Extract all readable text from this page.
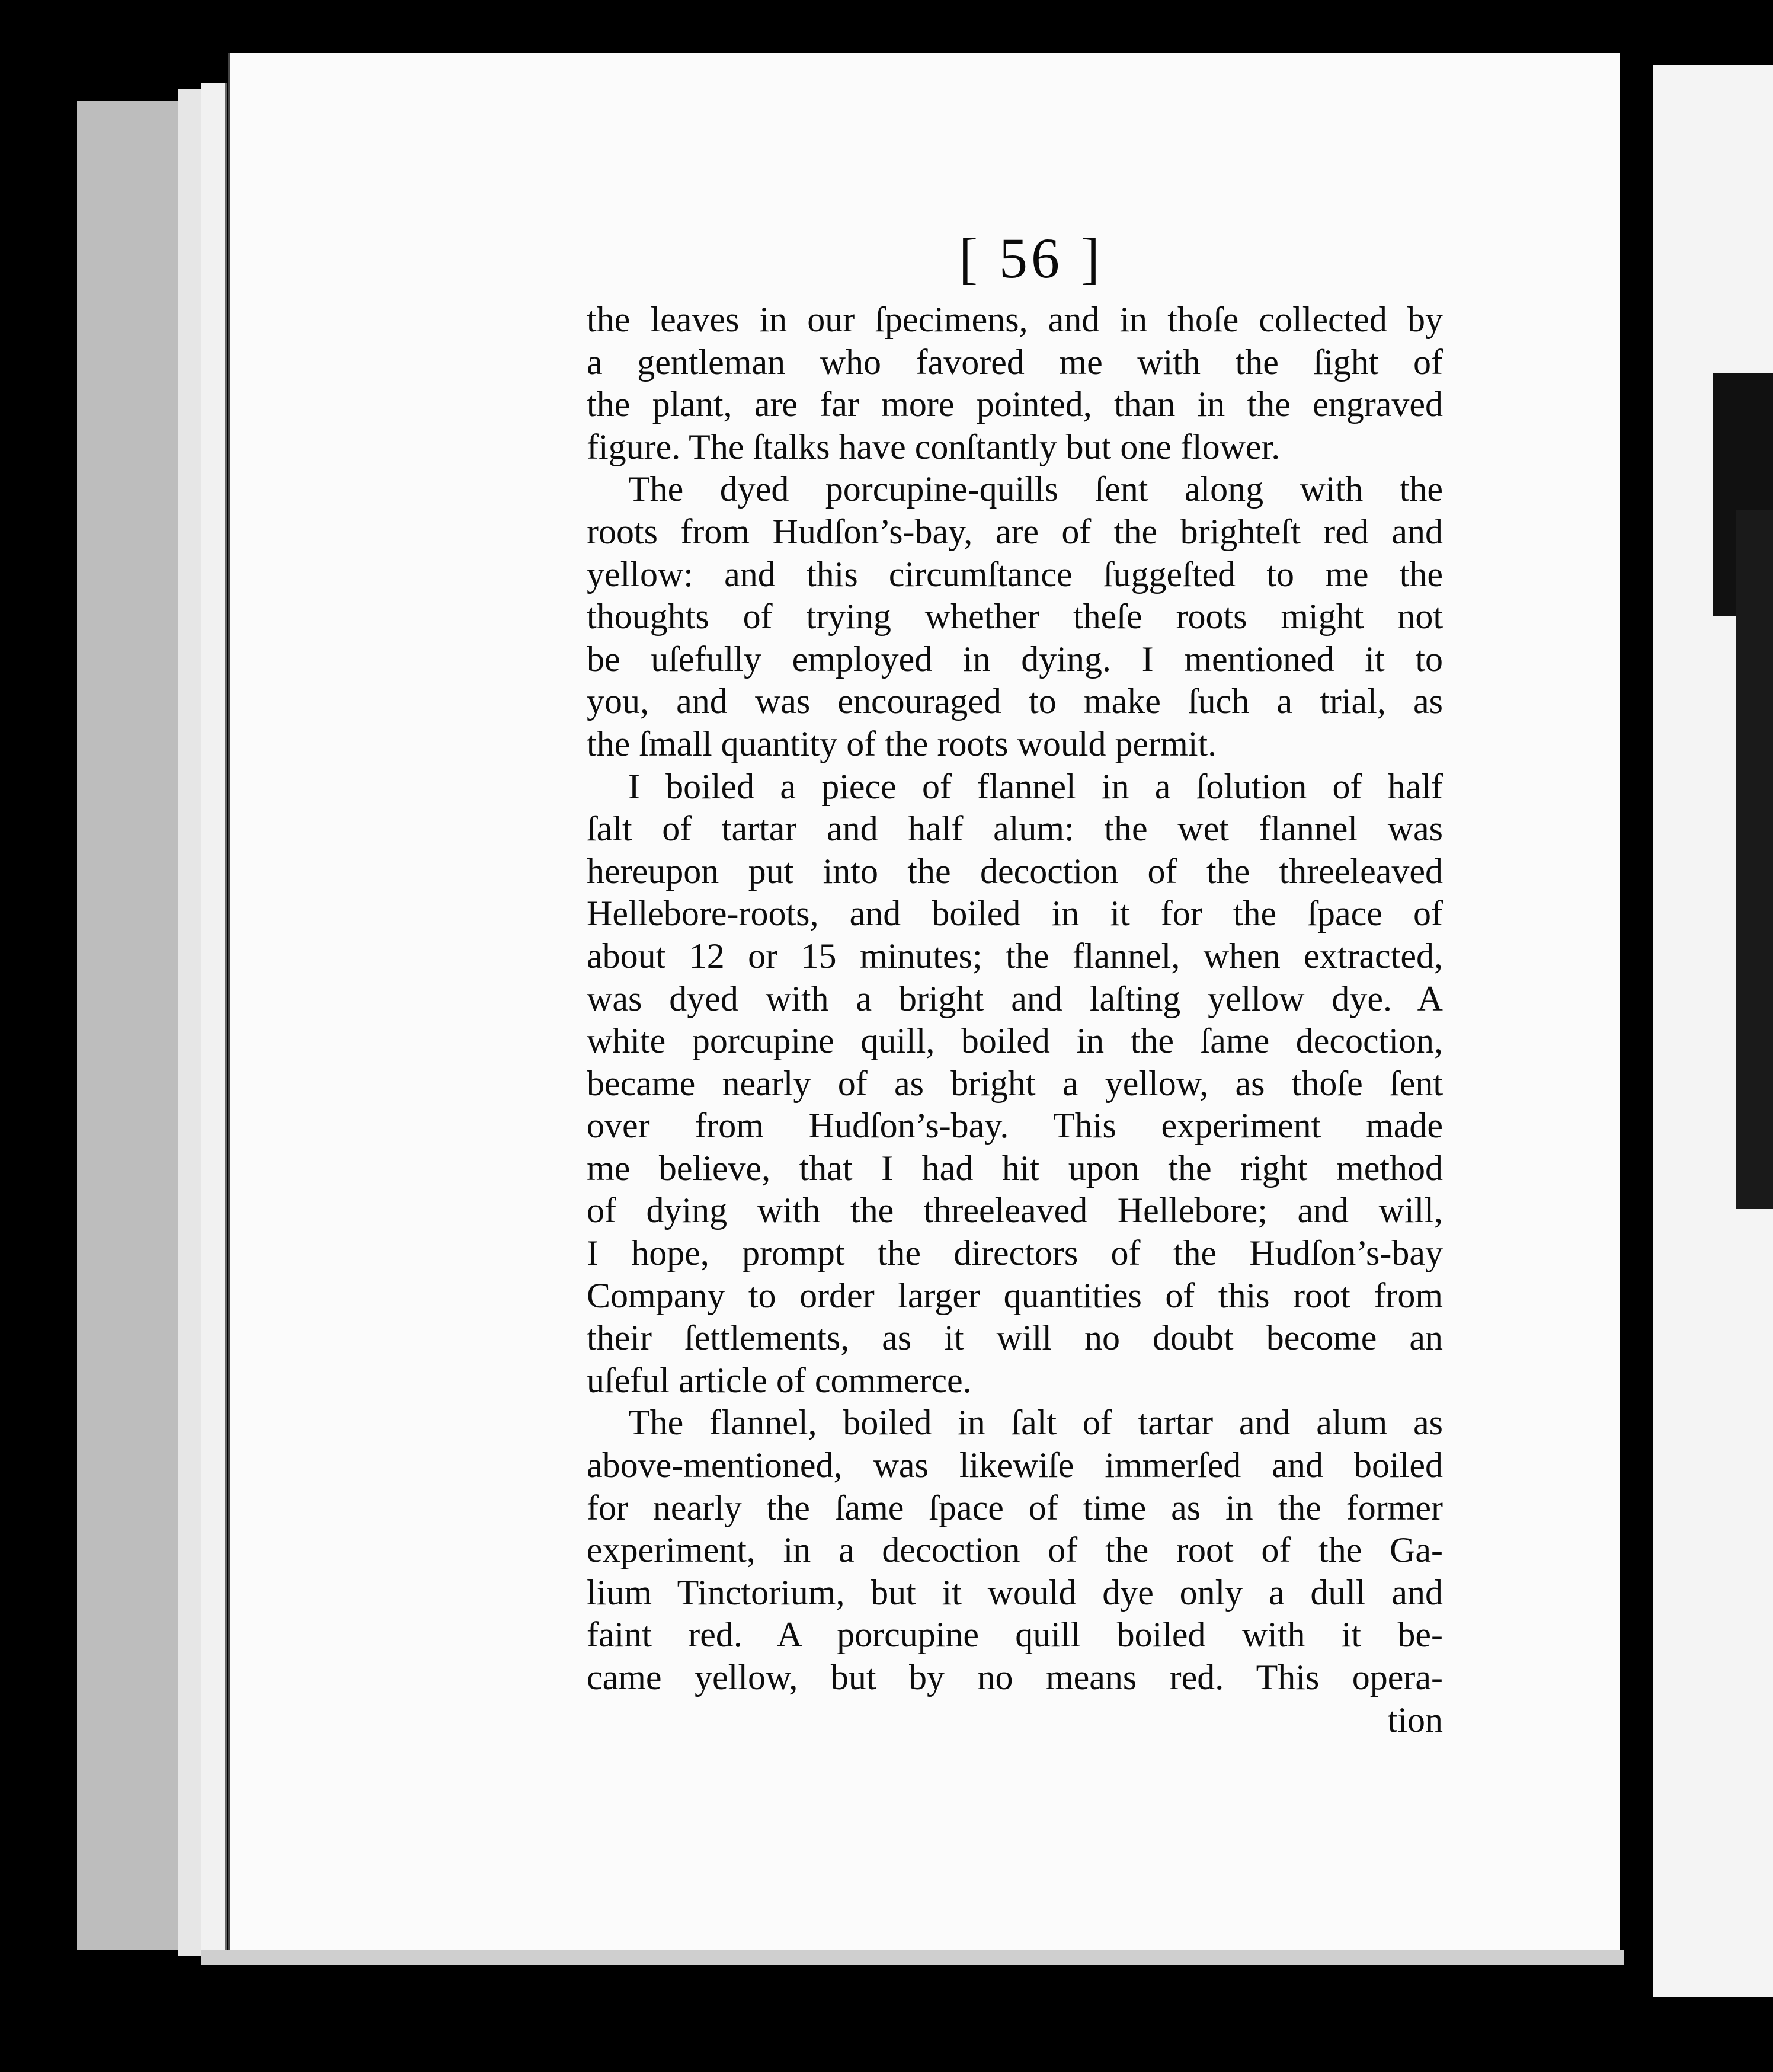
[ 56 ]
the leaves in our ſpecimens, and in thoſe collected by
a gentleman who favored me with the ſight of
the plant, are far more pointed, than in the engraved
figure. The ſtalks have conſtantly but one flower.
The dyed porcupine-quills ſent along with the
roots from Hudſon’s-bay, are of the brighteſt red and
yellow: and this circumſtance ſuggeſted to me the
thoughts of trying whether theſe roots might not
be uſefully employed in dying. I mentioned it to
you, and was encouraged to make ſuch a trial, as
the ſmall quantity of the roots would permit.
I boiled a piece of flannel in a ſolution of half
ſalt of tartar and half alum: the wet flannel was
hereupon put into the decoction of the threeleaved
Hellebore-roots, and boiled in it for the ſpace of
about 12 or 15 minutes; the flannel, when extracted,
was dyed with a bright and laſting yellow dye. A
white porcupine quill, boiled in the ſame decoction,
became nearly of as bright a yellow, as thoſe ſent
over from Hudſon’s-bay. This experiment made
me believe, that I had hit upon the right method
of dying with the threeleaved Hellebore; and will,
I hope, prompt the directors of the Hudſon’s-bay
Company to order larger quantities of this root from
their ſettlements, as it will no doubt become an
uſeful article of commerce.
The flannel, boiled in ſalt of tartar and alum as
above-mentioned, was likewiſe immerſed and boiled
for nearly the ſame ſpace of time as in the former
experiment, in a decoction of the root of the Ga-
lium Tinctorium, but it would dye only a dull and
faint red. A porcupine quill boiled with it be-
came yellow, but by no means red. This opera-
tion
